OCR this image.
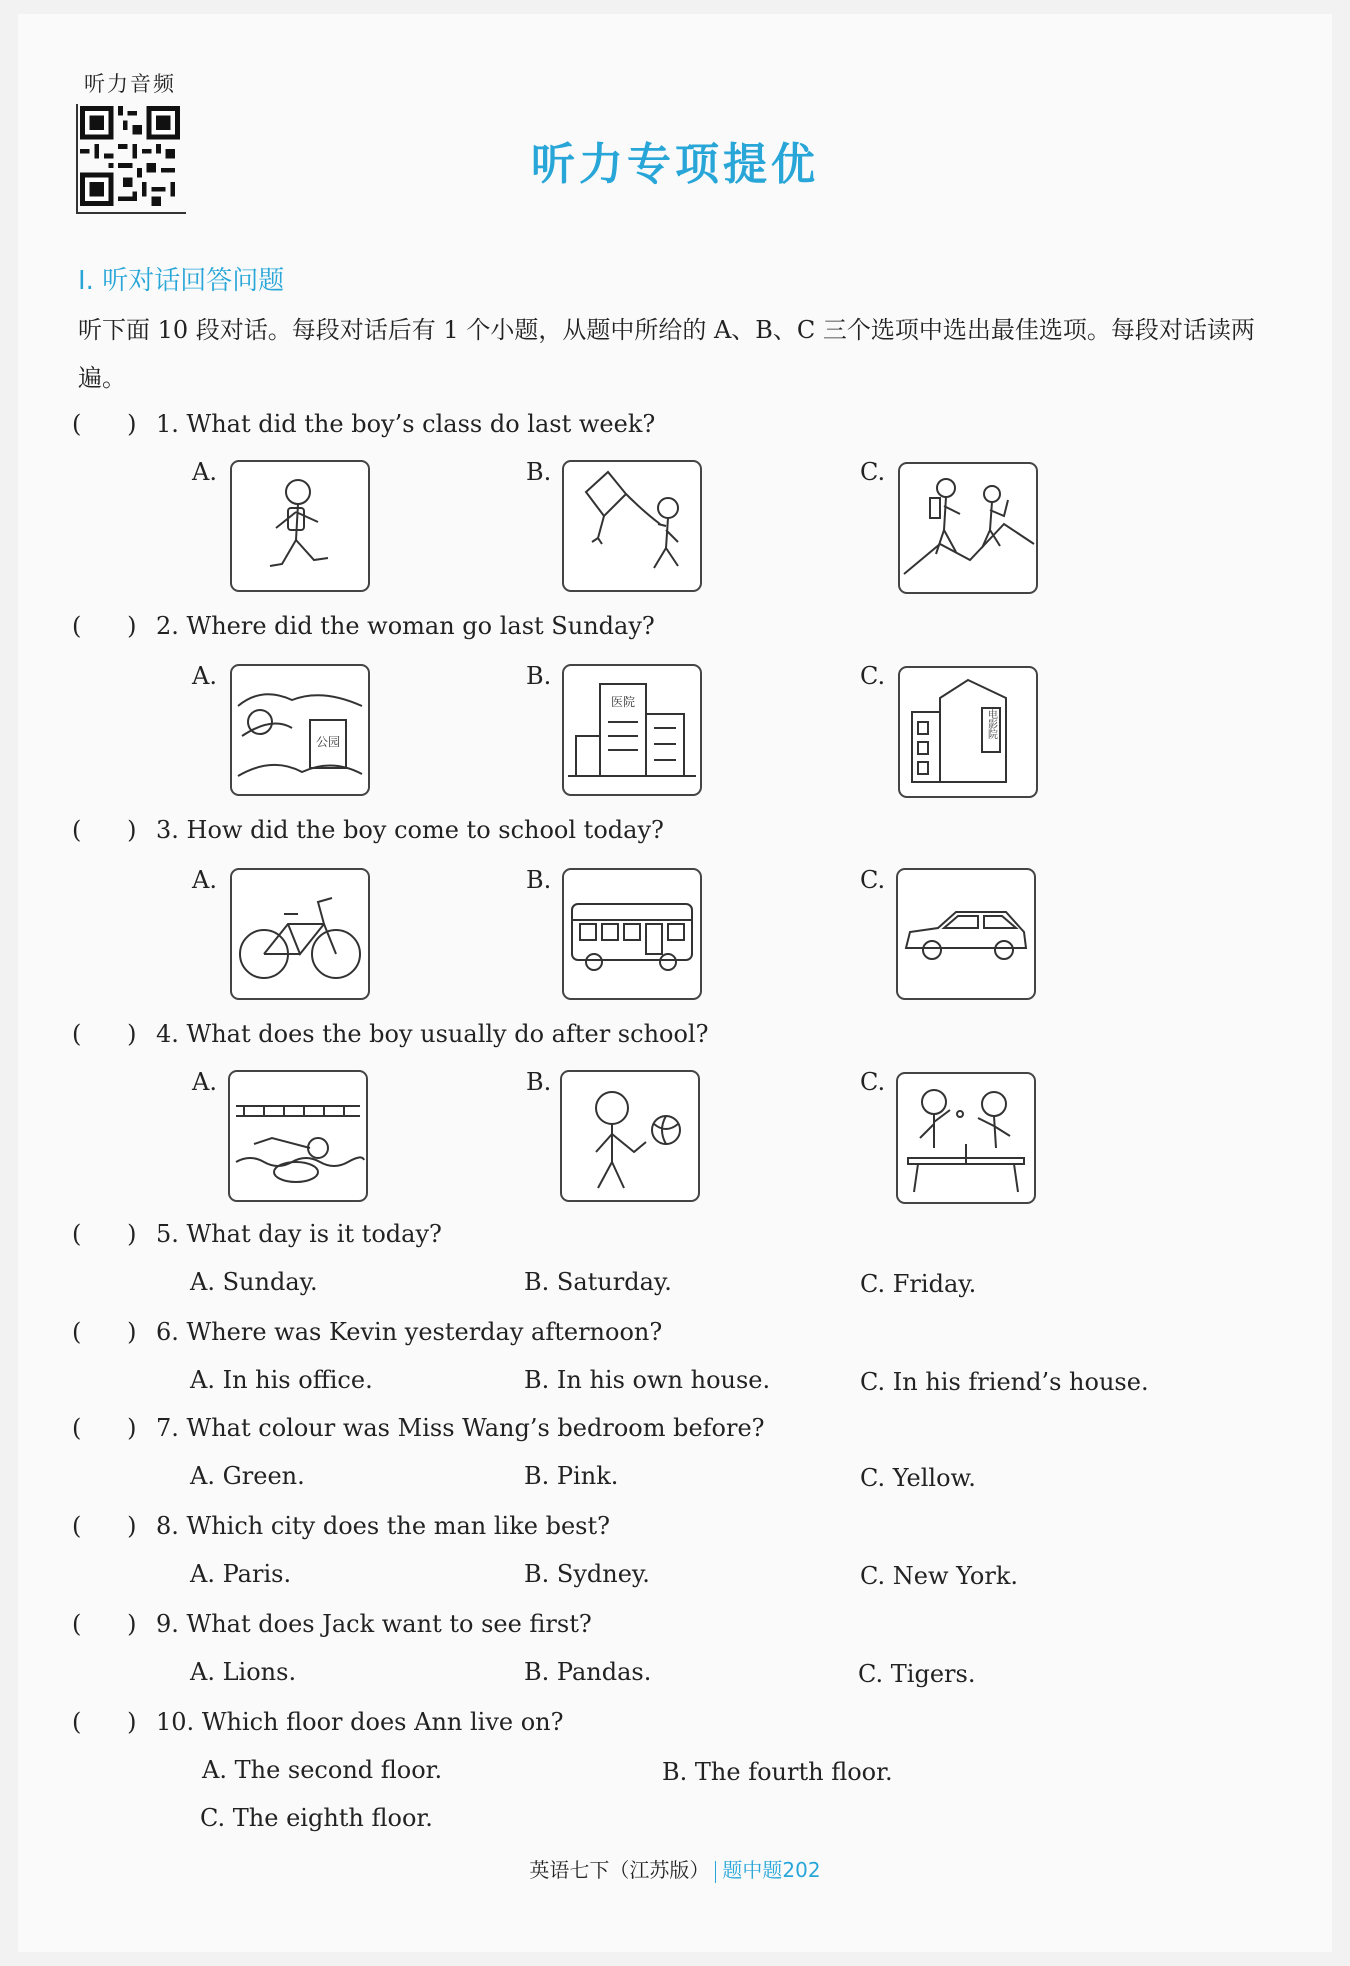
听力音频
听力专项提优
Ⅰ. 听对话回答问题
听下面 10 段对话。每段对话后有 1 个小题，从题中所给的 A、B、C 三个选项中选出最佳选项。每段对话读两遍。
(      ) 1. What did the boy’s class do last week?
A.	B.	C.
(      ) 2. Where did the woman go last Sunday?
A.
公园
B.
医院
C.
电影院
(      ) 3. How did the boy come to school today?
A.	B.	C.
(      ) 4. What does the boy usually do after school?
A.	B.	C.
(      ) 5. What day is it today?
A. Sunday.	B. Saturday.	C. Friday.
(      ) 6. Where was Kevin yesterday afternoon?
A. In his office.	B. In his own house.	C. In his friend’s house.
(      ) 7. What colour was Miss Wang’s bedroom before?
A. Green.	B. Pink.	C. Yellow.
(      ) 8. Which city does the man like best?
A. Paris.	B. Sydney.	C. New York.
(      ) 9. What does Jack want to see first?
A. Lions.	B. Pandas.	C. Tigers.
(      ) 10. Which floor does Ann live on?
A. The second floor.	B. The fourth floor.
C. The eighth floor.
英语七下（江苏版） 题中题202
